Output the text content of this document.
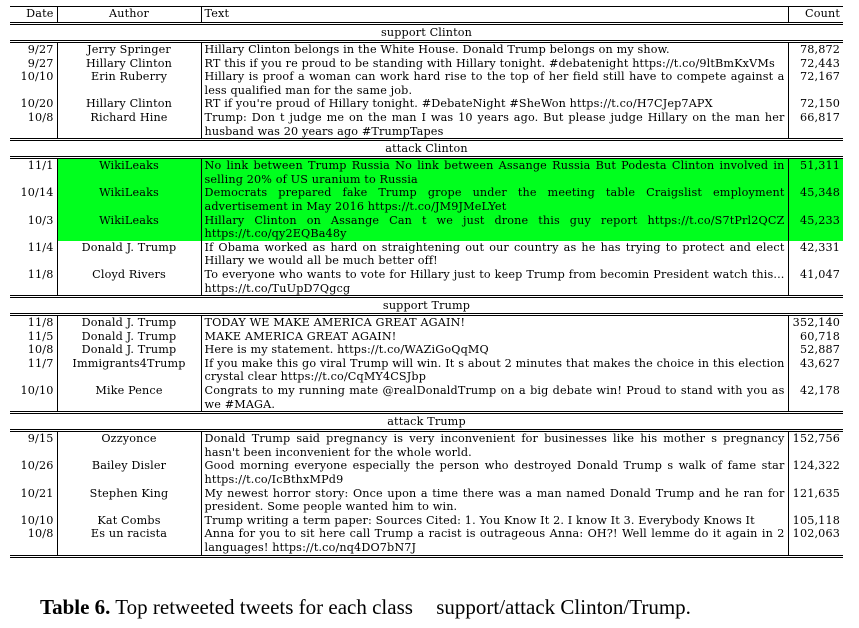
Date	Author	Text	Count
support Clinton			
9/27	Jerry Springer	Hillary Clinton belongs in the White House. Donald Trump belongs on my show.	78,872
9/27	Hillary Clinton	RT this if you re proud to be standing with Hillary tonight. #debatenight https://t.co/9ltBmKxVMs	72,443
10/10	Erin Ruberry	Hillary is proof a woman can work hard rise to the top of her field still have to compete against a less qualified man for the same job.	72,167
10/20	Hillary Clinton	RT if you're proud of Hillary tonight. #DebateNight #SheWon https://t.co/H7CJep7APX	72,150
10/8	Richard Hine	Trump: Don t judge me on the man I was 10 years ago. But please judge Hillary on the man her husband was 20 years ago #TrumpTapes	66,817
attack Clinton			
11/1	WikiLeaks	No link between Trump Russia No link between Assange Russia But Podesta Clinton involved in selling 20% of US uranium to Russia	51,311
10/14	WikiLeaks	Democrats prepared fake Trump grope under the meeting table Craigslist employment advertisement in May 2016 https://t.co/JM9JMeLYet	45,348
10/3	WikiLeaks	Hillary Clinton on Assange Can t we just drone this guy report https://t.co/S7tPrl2QCZ https://t.co/qy2EQBa48y	45,233
11/4	Donald J. Trump	If Obama worked as hard on straightening out our country as he has trying to protect and elect Hillary we would all be much better off!	42,331
11/8	Cloyd Rivers	To everyone who wants to vote for Hillary just to keep Trump from becomin President watch this... https://t.co/TuUpD7Qgcg	41,047
support Trump			
11/8	Donald J. Trump	TODAY WE MAKE AMERICA GREAT AGAIN!	352,140
11/5	Donald J. Trump	MAKE AMERICA GREAT AGAIN!	60,718
10/8	Donald J. Trump	Here is my statement. https://t.co/WAZiGoQqMQ	52,887
11/7	Immigrants4Trump	If you make this go viral Trump will win. It s about 2 minutes that makes the choice in this election crystal clear https://t.co/CqMY4CSJbp	43,627
10/10	Mike Pence	Congrats to my running mate @realDonaldTrump on a big debate win! Proud to stand with you as we #MAGA.	42,178
attack Trump			
9/15	Ozzyonce	Donald Trump said pregnancy is very inconvenient for businesses like his mother s pregnancy hasn't been inconvenient for the whole world.	152,756
10/26	Bailey Disler	Good morning everyone especially the person who destroyed Donald Trump s walk of fame star https://t.co/IcBthxMPd9	124,322
10/21	Stephen King	My newest horror story: Once upon a time there was a man named Donald Trump and he ran for president. Some people wanted him to win.	121,635
10/10	Kat Combs	Trump writing a term paper: Sources Cited: 1. You Know It 2. I know It 3. Everybody Knows It	105,118
10/8	Es un racista	Anna for you to sit here call Trump a racist is outrageous Anna: OH?! Well lemme do it again in 2 languages! https://t.co/nq4DO7bN7J	102,063
Table 6. Top retweeted tweets for each class support/attack Clinton/Trump.
